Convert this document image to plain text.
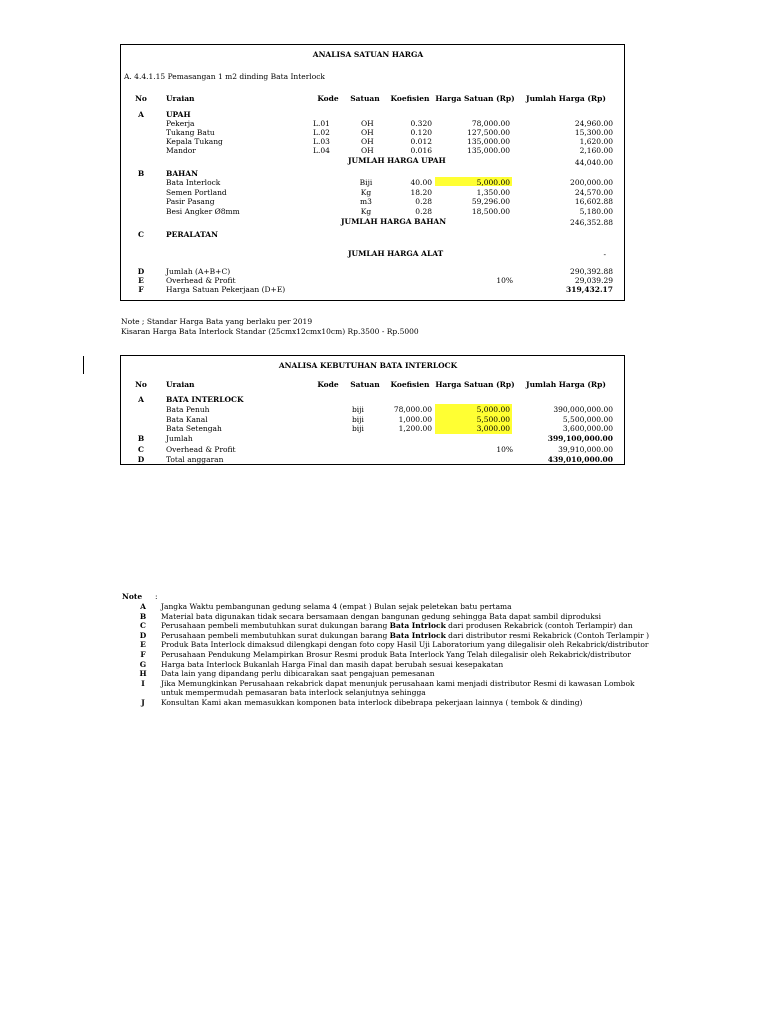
ANALISA SATUAN HARGA
A. 4.4.1.15 Pemasangan 1 m2 dinding Bata Interlock
No	Uraian	Kode	Satuan	Koefisien Harga Satuan (Rp)	Jumlah Harga (Rp)
A	UPAH
Pekerja	L.01	OH	0.320	78,000.00	24,960.00
Tukang Batu	L.02	OH	0.120	127,500.00	15,300.00
Kepala Tukang	L.03	OH	0.012	135,000.00	1,620.00
Mandor	L.04	OH	0.016	135,000.00	2,160.00
JUMLAH HARGA UPAH	44,040.00
B	BAHAN
Bata Interlock	Biji	40.00	5,000.00	200,000.00
Semen Portland	Kg	18.20	1,350.00	24,570.00
Pasir Pasang	m3	0.28	59,296.00	16,602.88
Besi Angker Ø8mm	Kg	0.28	18,500.00	5,180.00
JUMLAH HARGA BAHAN	246,352.88
C	PERALATAN
JUMLAH HARGA ALAT	-
D	Jumlah (A+B+C)	290,392.88
E	Overhead & Profit	10%	29,039.29
F	Harga Satuan Pekerjaan (D+E)	319,432.17
Note ; Standar Harga Bata yang berlaku per 2019
Kisaran Harga Bata Interlock Standar (25cmx12cmx10cm) Rp.3500 - Rp.5000
ANALISA KEBUTUHAN BATA INTERLOCK
No	Uraian	Kode	Satuan	Koefisien Harga Satuan (Rp)	Jumlah Harga (Rp)
A	BATA INTERLOCK
Bata Penuh	biji	78,000.00	5,000.00	390,000,000.00
Bata Kanal	biji	1,000.00	5,500.00	5,500,000.00
Bata Setengah	biji	1,200.00	3,000.00	3,600,000.00
B	Jumlah	399,100,000.00
C	Overhead & Profit	10%	39,910,000.00
D	Total anggaran	439,010,000.00
Note :
A	Jangka Waktu pembangunan gedung selama 4 (empat ) Bulan sejak peletekan batu pertama
B	Material bata digunakan tidak secara bersamaan dengan bangunan gedung sehingga Bata dapat sambil diproduksi
C	Perusahaan pembeli membutuhkan surat dukungan barang Bata Intrlock dari produsen Rekabrick (contoh Terlampir) dan
D	Perusahaan pembeli membutuhkan surat dukungan barang Bata Intrlock dari distributor resmi Rekabrick (Contoh Terlampir )
E	Produk Bata Interlock dimaksud dilengkapi dengan foto copy Hasil Uji Laboratorium yang dilegalisir oleh Rekabrick/distributor
F	Perusahaan Pendukung Melampirkan Brosur Resmi produk Bata Interlock Yang Telah dilegalisir oleh Rekabrick/distributor
G	Harga bata Interlock Bukanlah Harga Final dan masih dapat berubah sesuai kesepakatan
H	Data lain yang dipandang perlu dibicarakan saat pengajuan pemesanan
I	Jika Memungkinkan Perusahaan rekabrick dapat menunjuk perusahaan kami menjadi distributor Resmi di kawasan Lombok
untuk mempermudah pemasaran bata interlock selanjutnya sehingga
J	Konsultan Kami akan memasukkan komponen bata interlock dibebrapa pekerjaan lainnya ( tembok & dinding)
